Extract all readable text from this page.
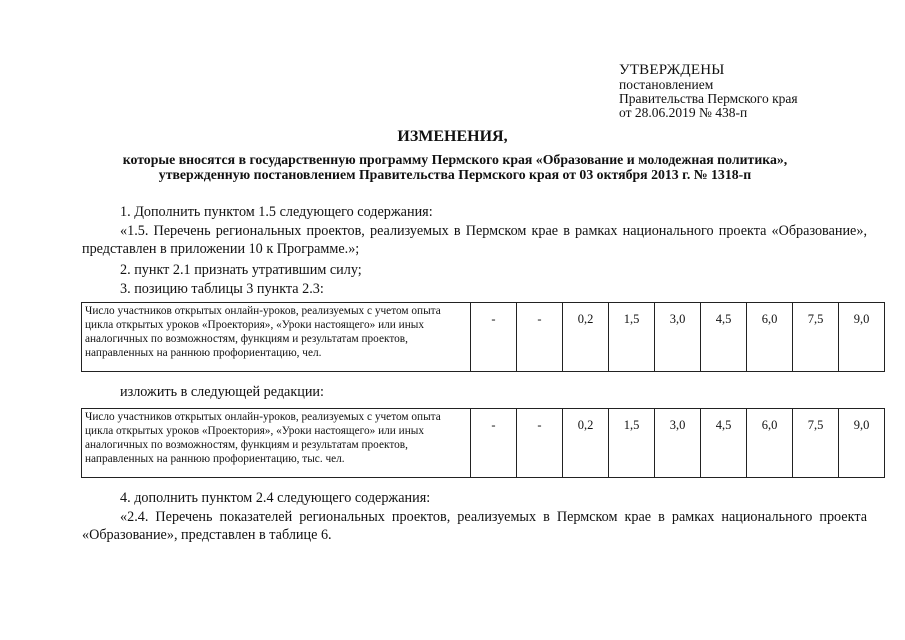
УТВЕРЖДЕНЫ
постановлением
Правительства Пермского края
от 28.06.2019 № 438-п
ИЗМЕНЕНИЯ,
которые вносятся в государственную программу Пермского края «Образование и молодежная политика»,
утвержденную постановлением Правительства Пермского края от 03 октября 2013 г. № 1318-п
1. Дополнить пунктом 1.5 следующего содержания:
«1.5. Перечень региональных проектов, реализуемых в Пермском крае в рамках национального проекта «Образование», представлен в приложении 10 к Программе.»;
2. пункт 2.1 признать утратившим силу;
3. позицию таблицы 3 пункта 2.3:
Число участников открытых онлайн-уроков, реализуемых с учетом опыта цикла открытых уроков «Проектория», «Уроки настоящего» или иных аналогичных по возможностям, функциям и результатам проектов, направленных на раннюю профориентацию, чел.	-	-	0,2	1,5	3,0	4,5	6,0	7,5	9,0
изложить в следующей редакции:
Число участников открытых онлайн-уроков, реализуемых с учетом опыта цикла открытых уроков «Проектория», «Уроки настоящего» или иных аналогичных по возможностям, функциям и результатам проектов, направленных на раннюю профориентацию, тыс. чел.	-	-	0,2	1,5	3,0	4,5	6,0	7,5	9,0
4. дополнить пунктом 2.4 следующего содержания:
«2.4. Перечень показателей региональных проектов, реализуемых в Пермском крае в рамках национального проекта «Образование», представлен в таблице 6.
